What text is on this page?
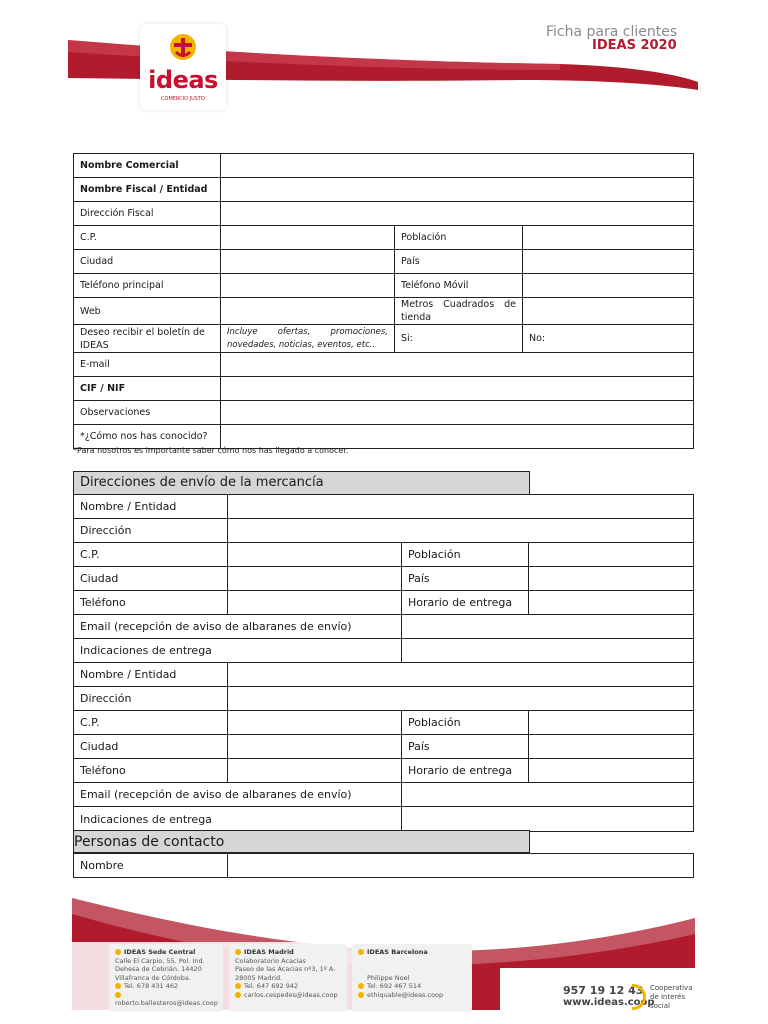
ideas
COMERCIO JUSTO
Ficha para clientes
IDEAS 2020
Nombre Comercial			
Nombre Fiscal / Entidad			
Dirección Fiscal			
C.P.		Población	
Ciudad		País	
Teléfono principal		Teléfono Móvil	
Web		Metros Cuadrados de tienda	
Deseo recibir el boletín de IDEAS	Incluye ofertas, promociones, novedades, noticias, eventos, etc..	Si:	No:
E-mail			
CIF / NIF			
Observaciones			
*¿Cómo nos has conocido?			
*Para nosotros es importante saber cómo nos has llegado a conocer.
Direcciones de envío de la mercancía
Nombre / Entidad			
Dirección			
C.P.		Población	
Ciudad		País	
Teléfono		Horario de entrega	
Email (recepción de aviso de albaranes de envío)			
Indicaciones de entrega			
Nombre / Entidad			
Dirección			
C.P.		Población	
Ciudad		País	
Teléfono		Horario de entrega	
Email (recepción de aviso de albaranes de envío)			
Indicaciones de entrega			
Personas de contacto
Nombre	
IDEAS Sede Central
Calle El Carpio, 55. Pol. Ind.
Dehesa de Cebrián. 14420
Villafranca de Córdoba.
Tel. 678 431 462
roberto.ballesteros@ideas.coop
IDEAS Madrid
Colaboratorio Acacias
Paseo de las Acacias nº3, 1º A.
28005 Madrid.
Tel. 647 692 942
carlos.cespedes@ideas.coop
IDEAS Barcelona
Philippe Noel
Tel. 692 467 514
ethiquable@ideas.coop	957 19 12 43
www.ideas.coop
Cooperativa
de interés
social
